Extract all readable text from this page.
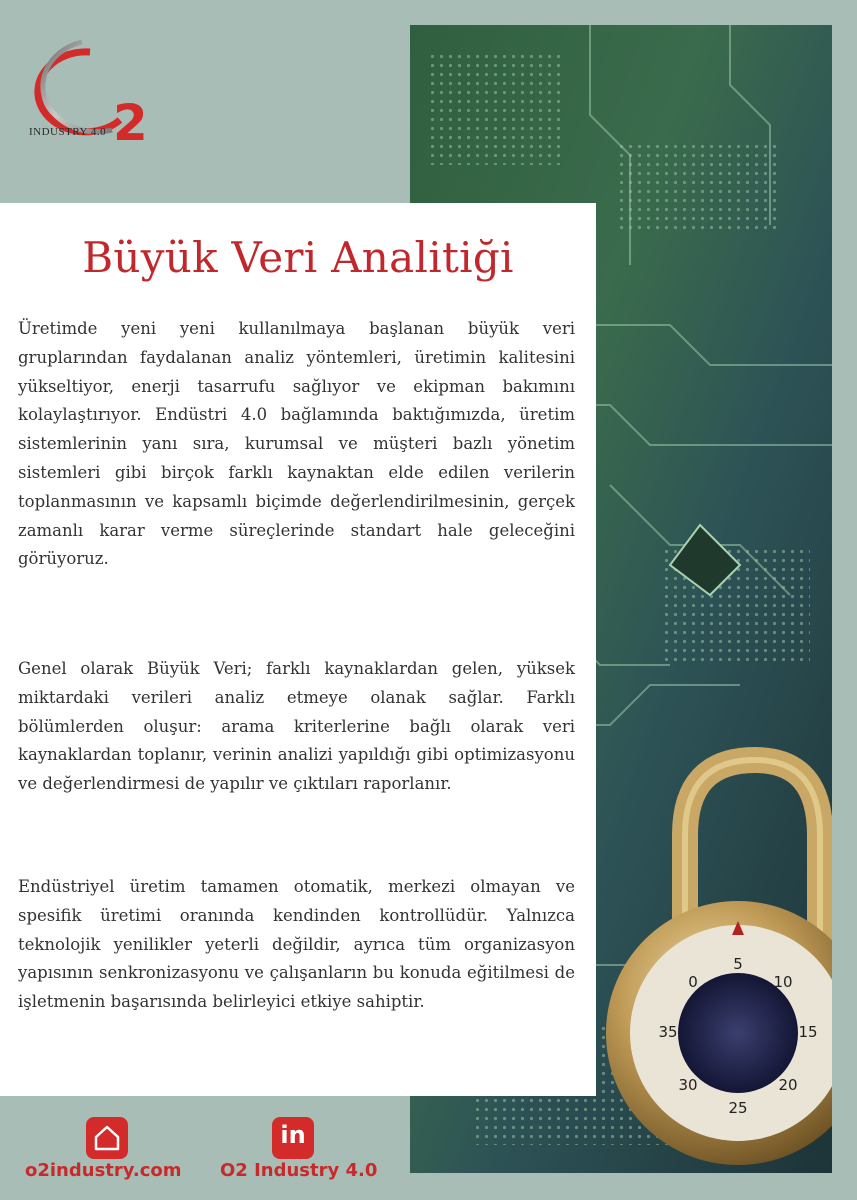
5
0	10
15
20
25
30
35
2
INDUSTRY 4.0
Büyük Veri Analitiği
Üretimde yeni yeni kullanılmaya başlanan büyük veri gruplarından faydalanan analiz yöntemleri, üretimin kalitesini yükseltiyor, enerji tasarrufu sağlıyor ve ekipman bakımını kolaylaştırıyor. Endüstri 4.0 bağlamında baktığımızda, üretim sistemlerinin yanı sıra, kurumsal ve müşteri bazlı yönetim sistemleri gibi birçok farklı kaynaktan elde edilen verilerin toplanmasının ve kapsamlı biçimde değerlendirilmesinin, gerçek zamanlı karar verme süreçlerinde standart hale geleceğini görüyoruz.
Genel olarak Büyük Veri; farklı kaynaklardan gelen, yüksek miktardaki verileri analiz etmeye olanak sağlar. Farklı bölümlerden oluşur: arama kriterlerine bağlı olarak veri kaynaklardan toplanır, verinin analizi yapıldığı gibi optimizasyonu ve değerlendirmesi de yapılır ve çıktıları raporlanır.
Endüstriyel üretim tamamen otomatik, merkezi olmayan ve spesifik üretimi oranında kendinden kontrollüdür. Yalnızca teknolojik yenilikler yeterli değildir, ayrıca tüm organizasyon yapısının senkronizasyonu ve çalışanların bu konuda eğitilmesi de işletmenin başarısında belirleyici etkiye sahiptir.
in
o2industry.com O2 Industry 4.0
